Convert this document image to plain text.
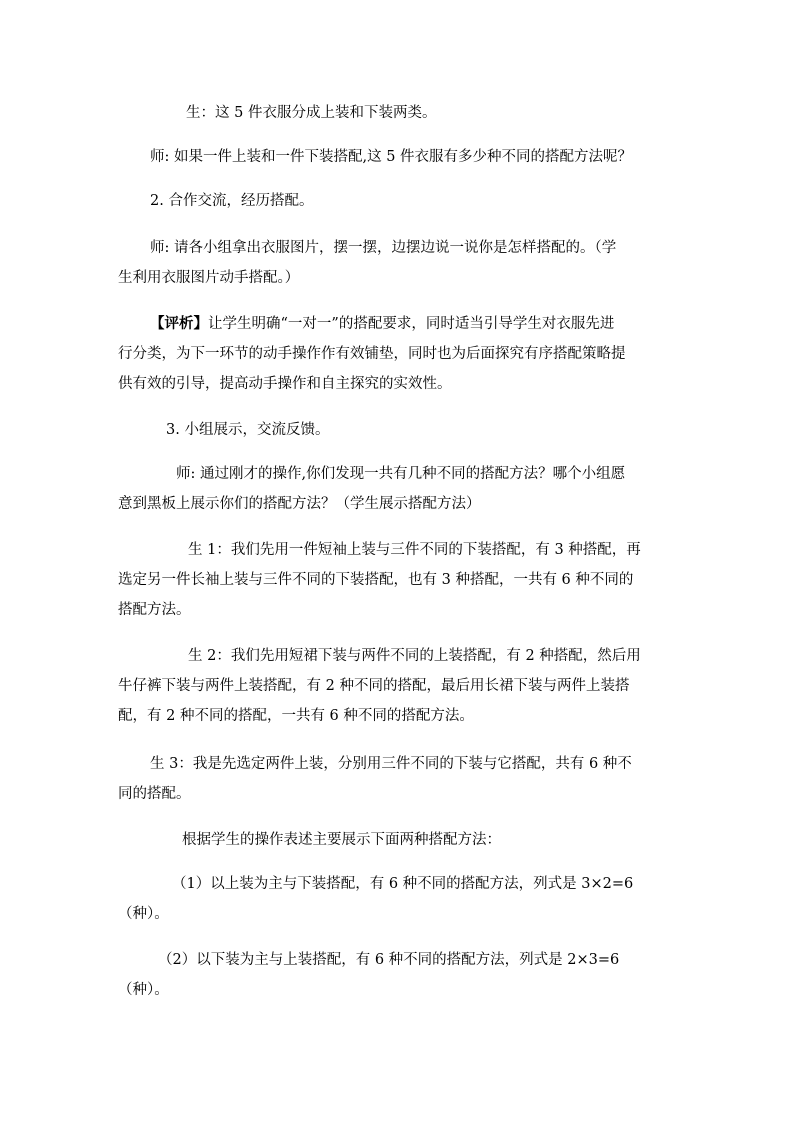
生：这 5 件衣服分成上装和下装两类。

师: 如果一件上装和一件下装搭配,这 5 件衣服有多少种不同的搭配方法呢？

2. 合作交流，经历搭配。

师: 请各小组拿出衣服图片，摆一摆，边摆边说一说你是怎样搭配的。（学
生利用衣服图片动手搭配。）

【评析】让学生明确“一对一”的搭配要求，同时适当引导学生对衣服先进
行分类，为下一环节的动手操作作有效铺垫，同时也为后面探究有序搭配策略提
供有效的引导，提高动手操作和自主探究的实效性。

3. 小组展示，交流反馈。

师: 通过刚才的操作,你们发现一共有几种不同的搭配方法？哪个小组愿
意到黑板上展示你们的搭配方法？（学生展示搭配方法）

生 1：我们先用一件短袖上装与三件不同的下装搭配，有 3 种搭配，再
选定另一件长袖上装与三件不同的下装搭配，也有 3 种搭配，一共有 6 种不同的
搭配方法。

生 2：我们先用短裙下装与两件不同的上装搭配，有 2 种搭配，然后用
牛仔裤下装与两件上装搭配，有 2 种不同的搭配，最后用长裙下装与两件上装搭
配，有 2 种不同的搭配，一共有 6 种不同的搭配方法。

生 3：我是先选定两件上装，分别用三件不同的下装与它搭配，共有 6 种不
同的搭配。

根据学生的操作表述主要展示下面两种搭配方法：

（1）以上装为主与下装搭配，有 6 种不同的搭配方法，列式是 3×2=6
（种）。

（2）以下装为主与上装搭配，有 6 种不同的搭配方法，列式是 2×3=6
（种）。
